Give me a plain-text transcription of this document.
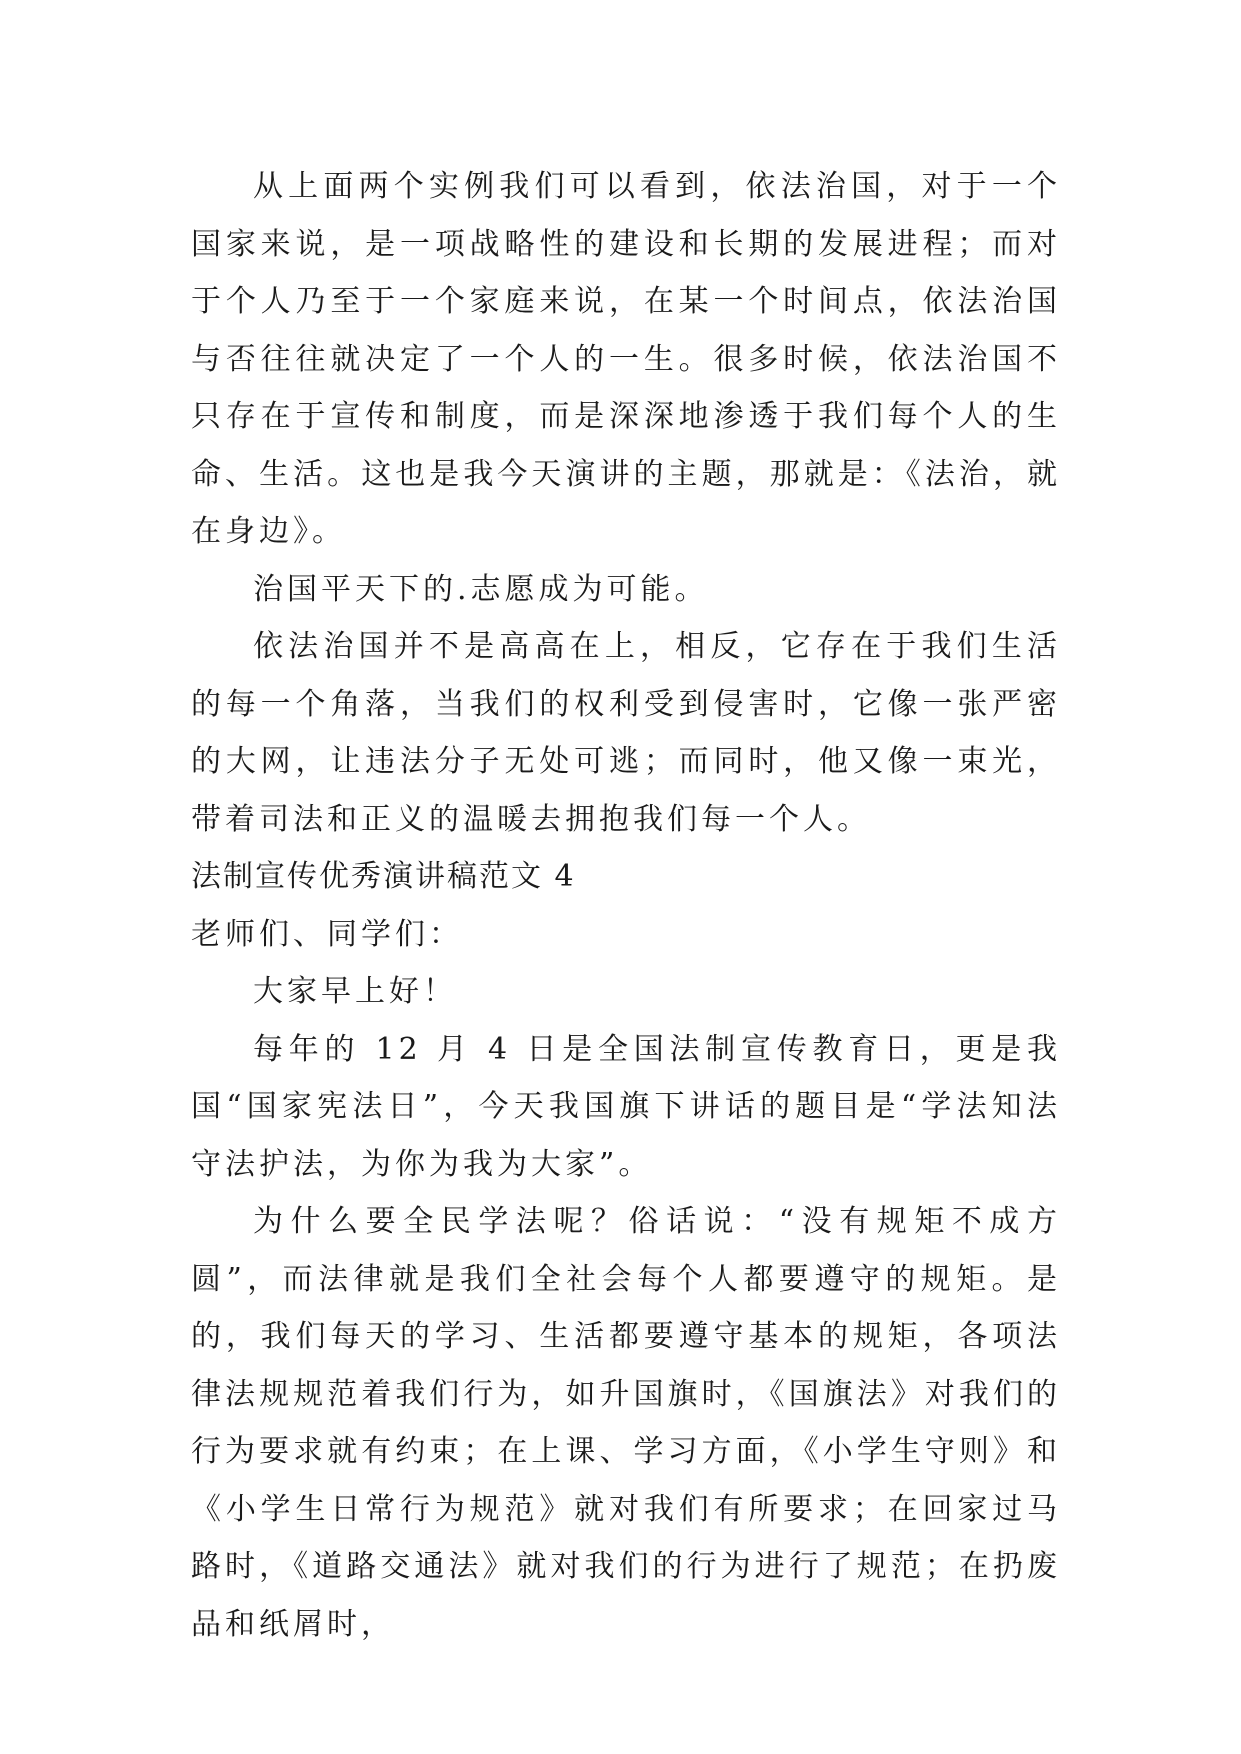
从上面两个实例我们可以看到，依法治国，对于一个国家来说，是一项战略性的建设和长期的发展进程；而对于个人乃至于一个家庭来说，在某一个时间点，依法治国与否往往就决定了一个人的一生。很多时候，依法治国不只存在于宣传和制度，而是深深地渗透于我们每个人的生命、生活。这也是我今天演讲的主题，那就是：《法治，就在身边》。

治国平天下的.志愿成为可能。

依法治国并不是高高在上，相反，它存在于我们生活的每一个角落，当我们的权利受到侵害时，它像一张严密的大网，让违法分子无处可逃；而同时，他又像一束光，带着司法和正义的温暖去拥抱我们每一个人。

法制宣传优秀演讲稿范文 4

老师们、同学们：

大家早上好！

每年的 12 月 4 日是全国法制宣传教育日，更是我国“国家宪法日”，今天我国旗下讲话的题目是“学法知法守法护法，为你为我为大家”。

为什么要全民学法呢？俗话说：“没有规矩不成方圆”，而法律就是我们全社会每个人都要遵守的规矩。是的，我们每天的学习、生活都要遵守基本的规矩，各项法律法规规范着我们行为，如升国旗时，《国旗法》对我们的行为要求就有约束；在上课、学习方面，《小学生守则》和《小学生日常行为规范》就对我们有所要求；在回家过马路时，《道路交通法》就对我们的行为进行了规范；在扔废品和纸屑时，
